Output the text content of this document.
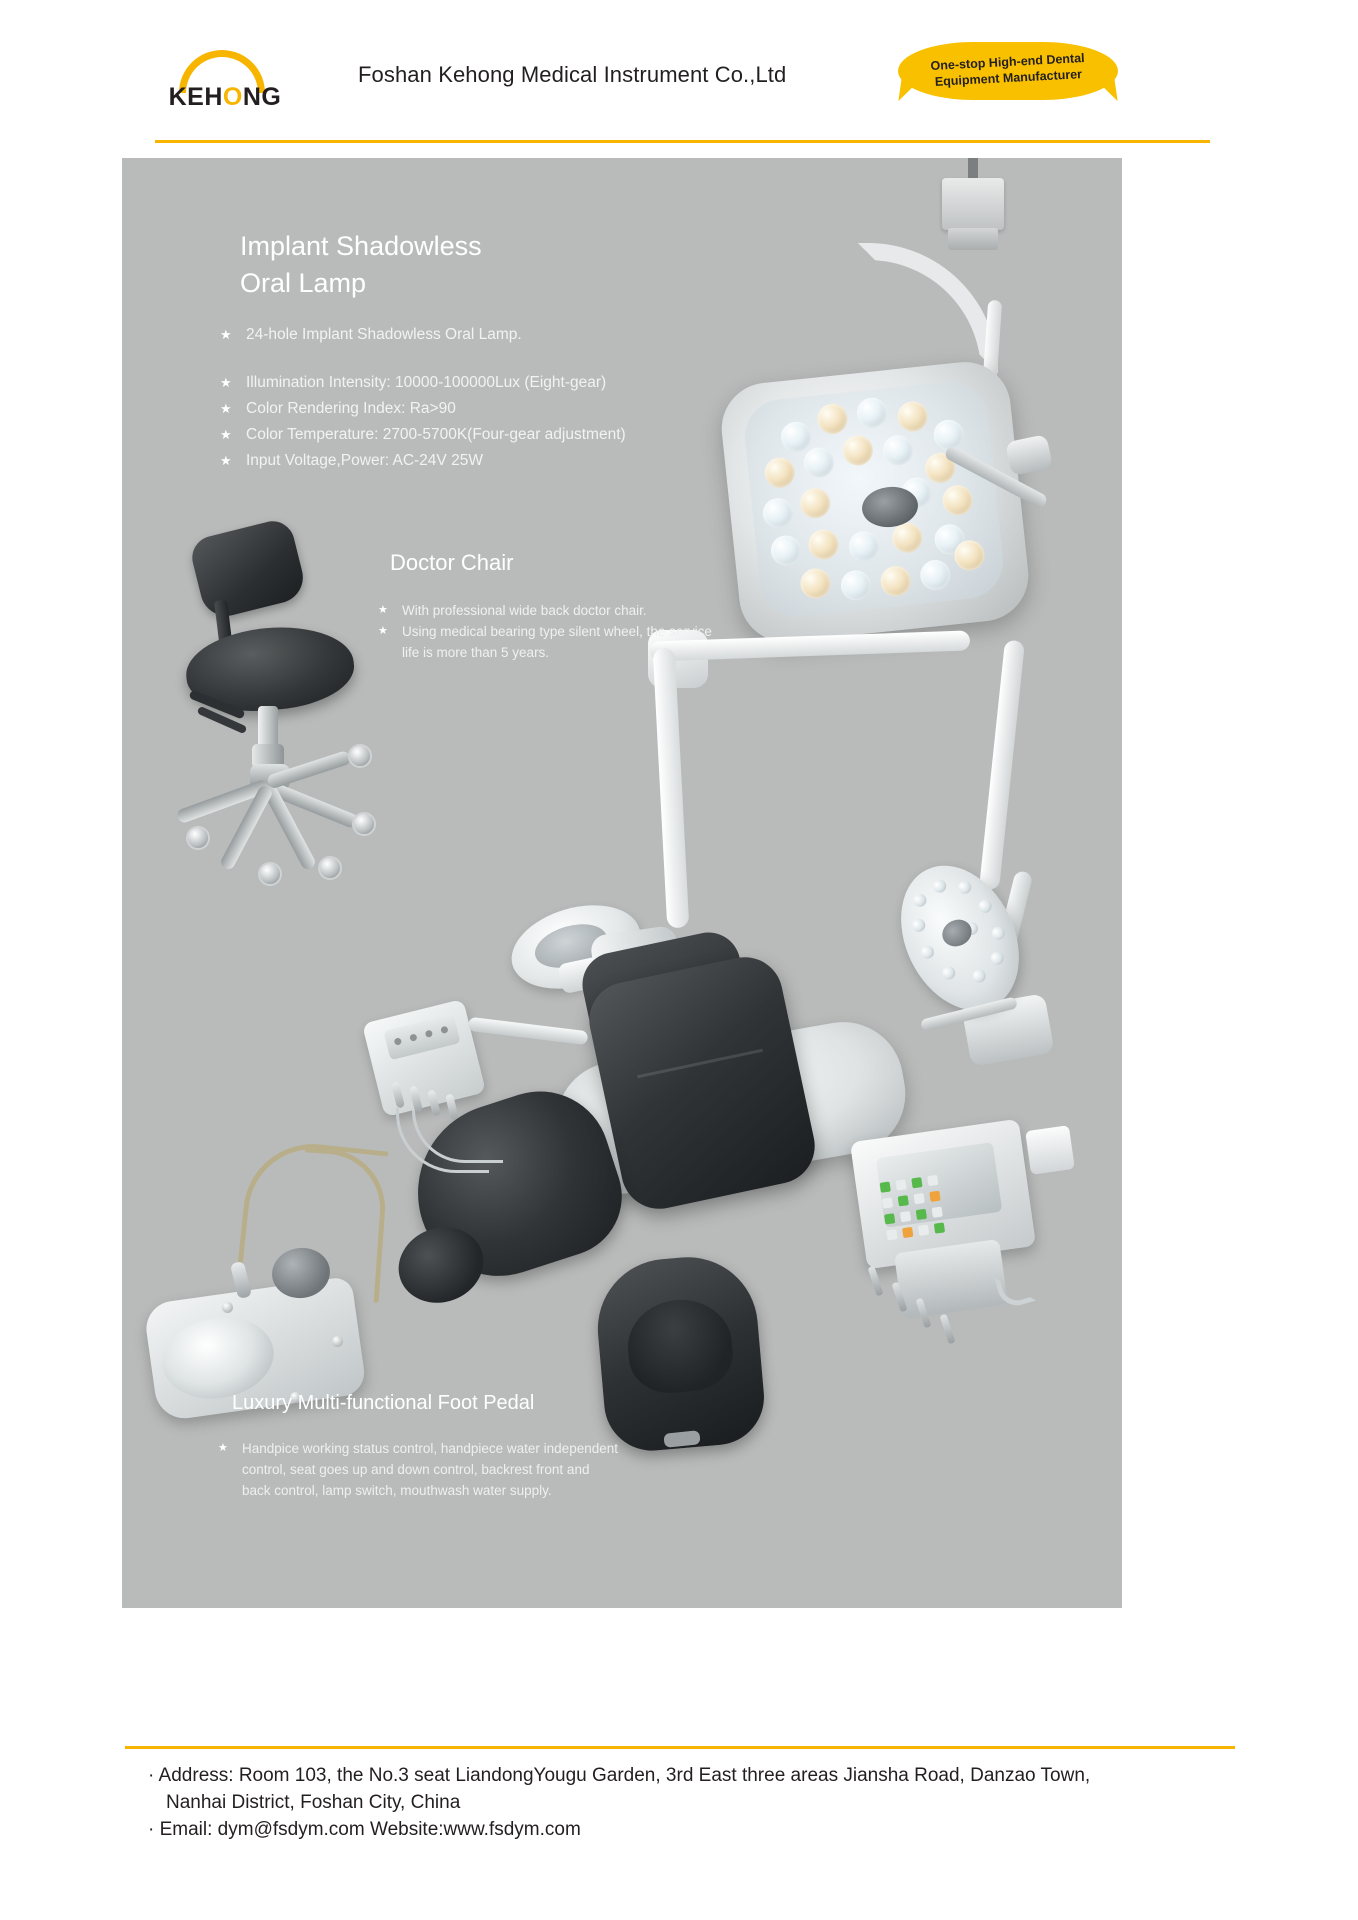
KEHONG
Foshan Kehong Medical Instrument Co.,Ltd	One-stop High-end Dental
Equipment Manufacturer
Implant Shadowless
Oral Lamp
★ 24-hole Implant Shadowless Oral Lamp.
★ Illumination Intensity: 10000-100000Lux (Eight-gear)
★ Color Rendering Index: Ra>90
★ Color Temperature: 2700-5700K(Four-gear adjustment)
★ Input Voltage,Power: AC-24V 25W
Doctor Chair
★ With professional wide back doctor chair.
★ Using medical bearing type silent wheel, the service life is more than 5 years.
Luxury Multi-functional Foot Pedal
★ Handpice working status control, handpiece water independent control, seat goes up and down control, backrest front and back control, lamp switch, mouthwash water supply.
· Address: Room 103, the No.3 seat LiandongYougu Garden, 3rd East three areas Jiansha Road, Danzao Town,
Nanhai District, Foshan City, China
· Email: dym@fsdym.com Website:www.fsdym.com
